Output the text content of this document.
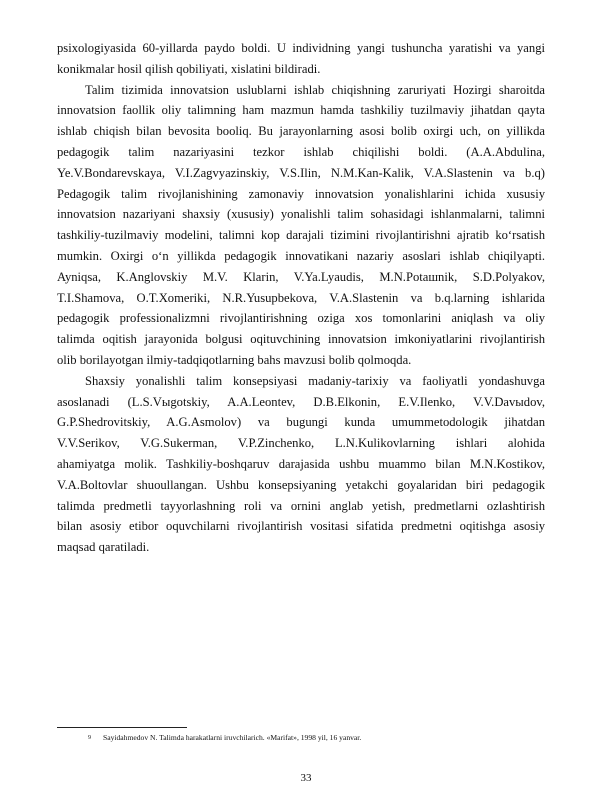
psixologiyasida 60-yillarda paydo boldi. U individning yangi tushuncha yaratishi va yangi
konikmalar hosil qilish qobiliyati, xislatini bildiradi.
Talim tizimida innovatsion uslublarni ishlab chiqishning zaruriyati Hozirgi sharoitda
innovatsion faollik oliy talimning ham mazmun hamda tashkiliy tuzilmaviy jihatdan qayta
ishlab chiqish bilan bevosita booliq. Bu jarayonlarning asosi bolib oxirgi uch, on yillikda
pedagogik talim nazariyasini tezkor ishlab chiqilishi boldi. (A.A.Abdulina,
Ye.V.Bondarevskaya, V.I.Zagvyazinskiy, V.S.Ilin, N.M.Kan-Kalik, V.A.Slastenin va b.q)
Pedagogik talim rivojlanishining zamonaviy innovatsion yonalishlarini ichida xususiy
innovatsion nazariyani shaxsiy (xususiy) yonalishli talim sohasidagi ishlanmalarni, talimni
tashkiliy-tuzilmaviy modelini, talimni kop darajali tizimini rivojlantirishni ajratib ko‘rsatish
mumkin. Oxirgi o‘n yillikda pedagogik innovatikani nazariy asoslari ishlab chiqilyapti.
Ayniqsa, K.Anglovskiy M.V. Klarin, V.Ya.Lyaudis, M.N.Potaшnik, S.D.Polyakov,
T.I.Shamova, O.T.Xomeriki, N.R.Yusupbekova, V.A.Slastenin va b.q.larning ishlarida
pedagogik professionalizmni rivojlantirishning oziga xos tomonlarini aniqlash va oliy
talimda oqitish jarayonida bolgusi oqituvchining innovatsion imkoniyatlarini rivojlantirish
olib borilayotgan ilmiy-tadqiqotlarning bahs mavzusi bolib qolmoqda.
Shaxsiy yonalishli talim konsepsiyasi madaniy-tarixiy va faoliyatli yondashuvga
asoslanadi (L.S.Vыgotskiy, A.A.Leontev, D.B.Elkonin, E.V.Ilenko, V.V.Davыdov,
G.P.Shedrovitskiy, A.G.Asmolov) va bugungi kunda umummetodologik jihatdan
V.V.Serikov, V.G.Sukerman, V.P.Zinchenko, L.N.Kulikovlarning ishlari alohida
ahamiyatga molik. Tashkiliy-boshqaruv darajasida ushbu muammo bilan M.N.Kostikov,
V.A.Boltovlar shuoullangan. Ushbu konsepsiyaning yetakchi goyalaridan biri pedagogik
talimda predmetli tayyorlashning roli va ornini anglab yetish, predmetlarni ozlashtirish
bilan asosiy etibor oquvchilarni rivojlantirish vositasi sifatida predmetni oqitishga asosiy
maqsad qaratiladi.
9 Sayidahmedov N. Talimda harakatlarni iruvchilarich. «Marifat», 1998 yil, 16 yanvar.
33
